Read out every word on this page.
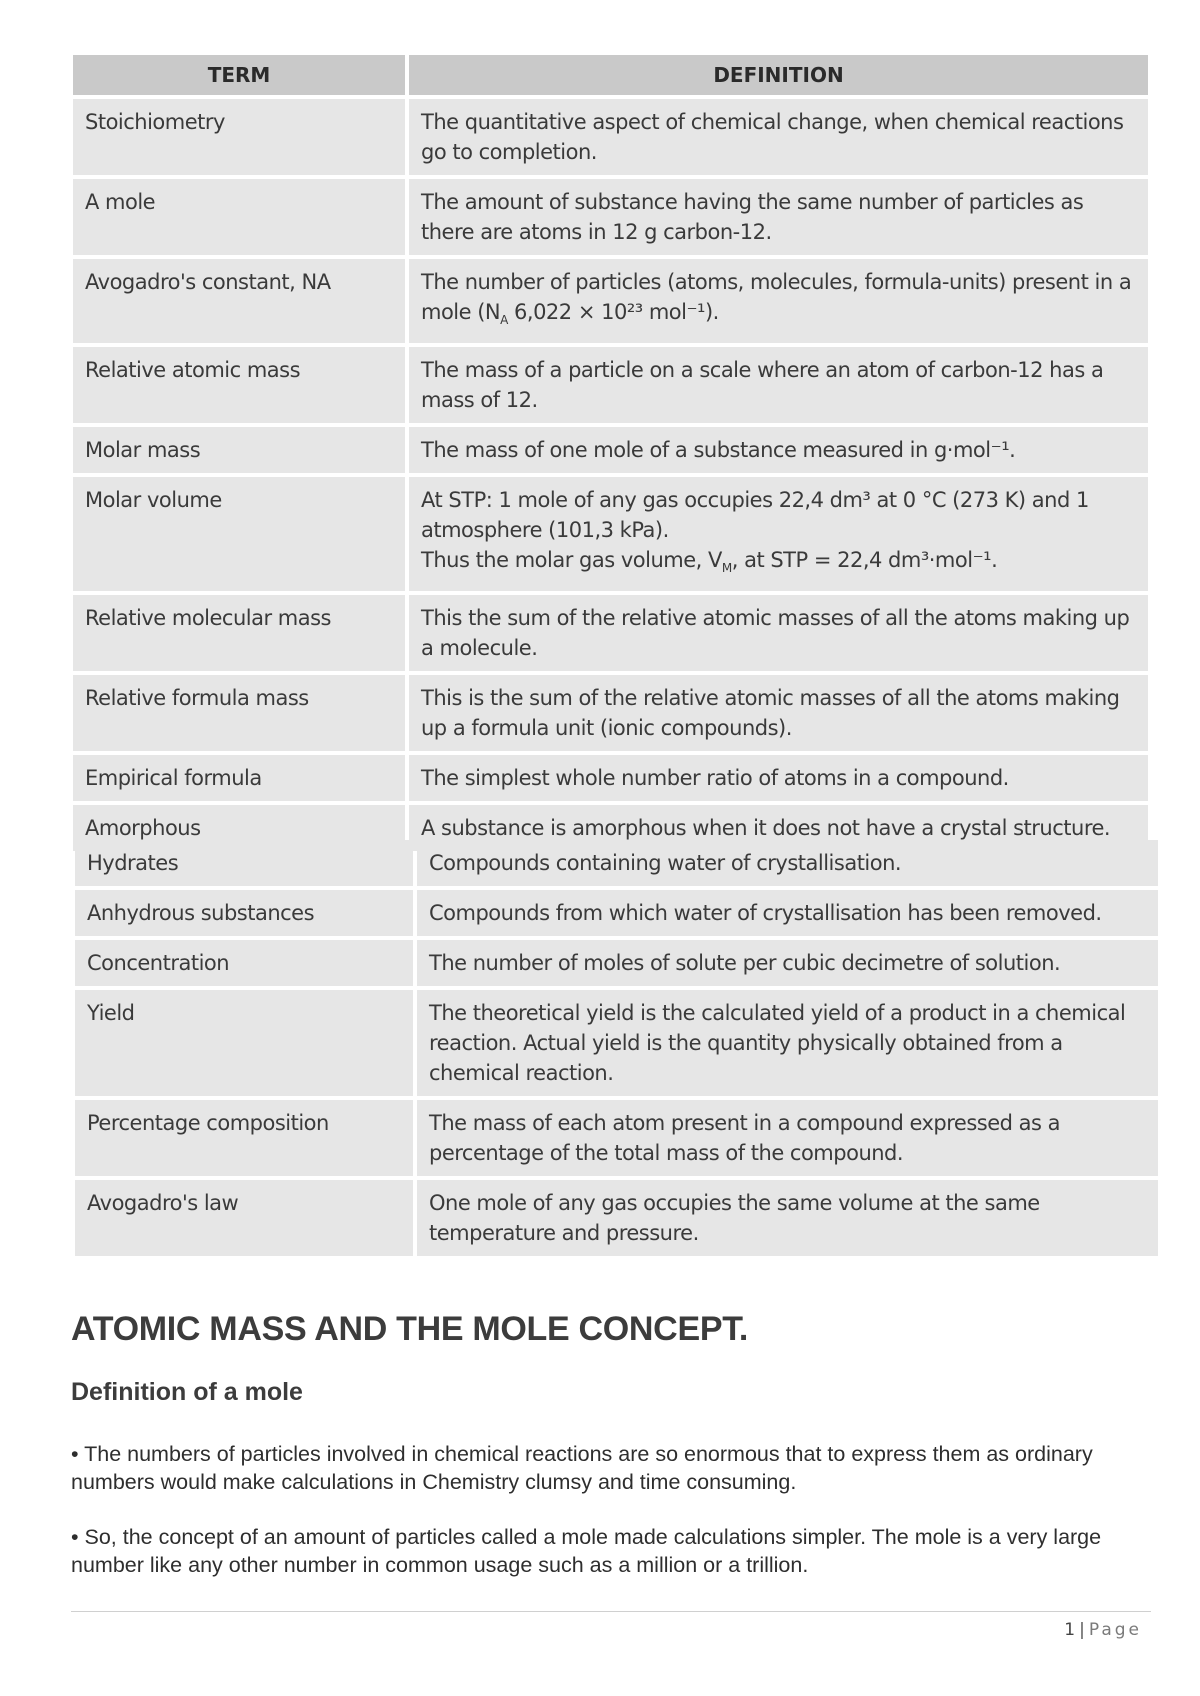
TERM	DEFINITION
Stoichiometry	The quantitative aspect of chemical change, when chemical reactions go to completion.
A mole	The amount of substance having the same number of particles as there are atoms in 12 g carbon-12.
Avogadro's constant, NA	The number of particles (atoms, molecules, formula-units) present in a mole ($N_A$ 6,022 × 10²³ mol⁻¹).
Relative atomic mass	The mass of a particle on a scale where an atom of carbon-12 has a mass of 12.
Molar mass	The mass of one mole of a substance measured in g·mol⁻¹.
Molar volume	At STP: 1 mole of any gas occupies 22,4 dm³ at 0 °C (273 K) and 1 atmosphere (101,3 kPa).
Thus the molar gas volume, $V_M$, at STP = 22,4 dm³·mol⁻¹.

Relative molecular mass	This the sum of the relative atomic masses of all the atoms making up a molecule.
Relative formula mass	This is the sum of the relative atomic masses of all the atoms making up a formula unit (ionic compounds).
Empirical formula	The simplest whole number ratio of atoms in a compound.
Amorphous	A substance is amorphous when it does not have a crystal structure.
Hydrates	Compounds containing water of crystallisation.
Anhydrous substances	Compounds from which water of crystallisation has been removed.
Concentration	The number of moles of solute per cubic decimetre of solution.
Yield	The theoretical yield is the calculated yield of a product in a chemical reaction. Actual yield is the quantity physically obtained from a chemical reaction.
Percentage composition	The mass of each atom present in a compound expressed as a percentage of the total mass of the compound.
Avogadro's law	One mole of any gas occupies the same volume at the same temperature and pressure.
ATOMIC MASS AND THE MOLE CONCEPT.
Definition of a mole

• The numbers of particles involved in chemical reactions are so enormous that to express them as ordinary numbers would make calculations in Chemistry clumsy and time consuming.

• So, the concept of an amount of particles called a mole made calculations simpler. The mole is a very large number like any other number in common usage such as a million or a trillion.

1 | Page
